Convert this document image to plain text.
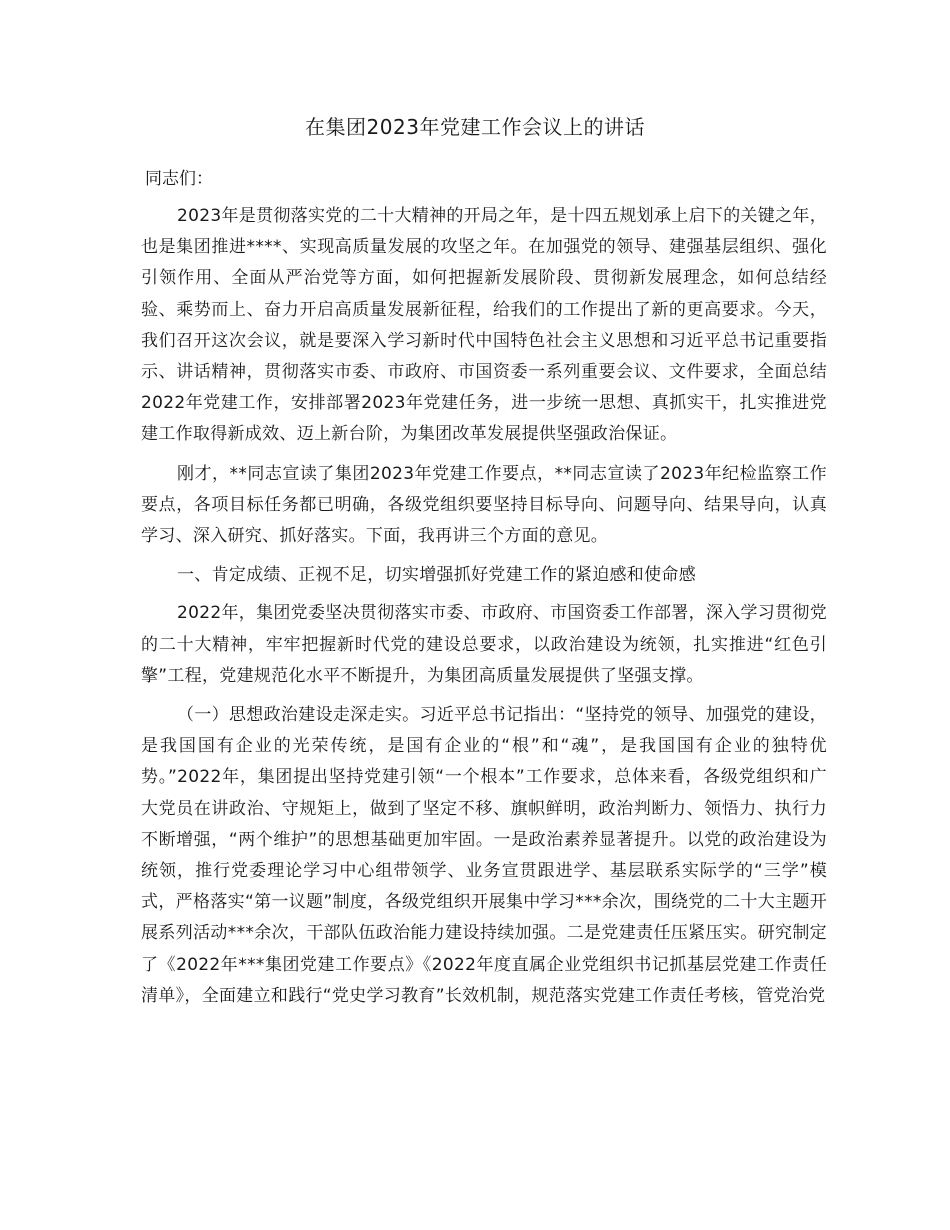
在集团2023年党建工作会议上的讲话

同志们：

2023年是贯彻落实党的二十大精神的开局之年，是十四五规划承上启下的关键之年，也是集团推进****、实现高质量发展的攻坚之年。在加强党的领导、建强基层组织、强化引领作用、全面从严治党等方面，如何把握新发展阶段、贯彻新发展理念，如何总结经验、乘势而上、奋力开启高质量发展新征程，给我们的工作提出了新的更高要求。今天，我们召开这次会议，就是要深入学习新时代中国特色社会主义思想和习近平总书记重要指示、讲话精神，贯彻落实市委、市政府、市国资委一系列重要会议、文件要求，全面总结2022年党建工作，安排部署2023年党建任务，进一步统一思想、真抓实干，扎实推进党建工作取得新成效、迈上新台阶，为集团改革发展提供坚强政治保证。

刚才，**同志宣读了集团2023年党建工作要点，**同志宣读了2023年纪检监察工作要点，各项目标任务都已明确，各级党组织要坚持目标导向、问题导向、结果导向，认真学习、深入研究、抓好落实。下面，我再讲三个方面的意见。

一、肯定成绩、正视不足，切实增强抓好党建工作的紧迫感和使命感

2022年，集团党委坚决贯彻落实市委、市政府、市国资委工作部署，深入学习贯彻党的二十大精神，牢牢把握新时代党的建设总要求，以政治建设为统领，扎实推进“红色引擎”工程，党建规范化水平不断提升，为集团高质量发展提供了坚强支撑。

（一）思想政治建设走深走实。习近平总书记指出：“坚持党的领导、加强党的建设，是我国国有企业的光荣传统，是国有企业的“根”和“魂”，是我国国有企业的独特优势。”2022年，集团提出坚持党建引领“一个根本”工作要求，总体来看，各级党组织和广大党员在讲政治、守规矩上，做到了坚定不移、旗帜鲜明，政治判断力、领悟力、执行力不断增强，“两个维护”的思想基础更加牢固。一是政治素养显著提升。以党的政治建设为统领，推行党委理论学习中心组带领学、业务宣贯跟进学、基层联系实际学的“三学”模式，严格落实“第一议题”制度，各级党组织开展集中学习***余次，围绕党的二十大主题开展系列活动***余次，干部队伍政治能力建设持续加强。二是党建责任压紧压实。研究制定了《2022年***集团党建工作要点》《2022年度直属企业党组织书记抓基层党建工作责任清单》，全面建立和践行“党史学习教育”长效机制，规范落实党建工作责任考核，管党治党
